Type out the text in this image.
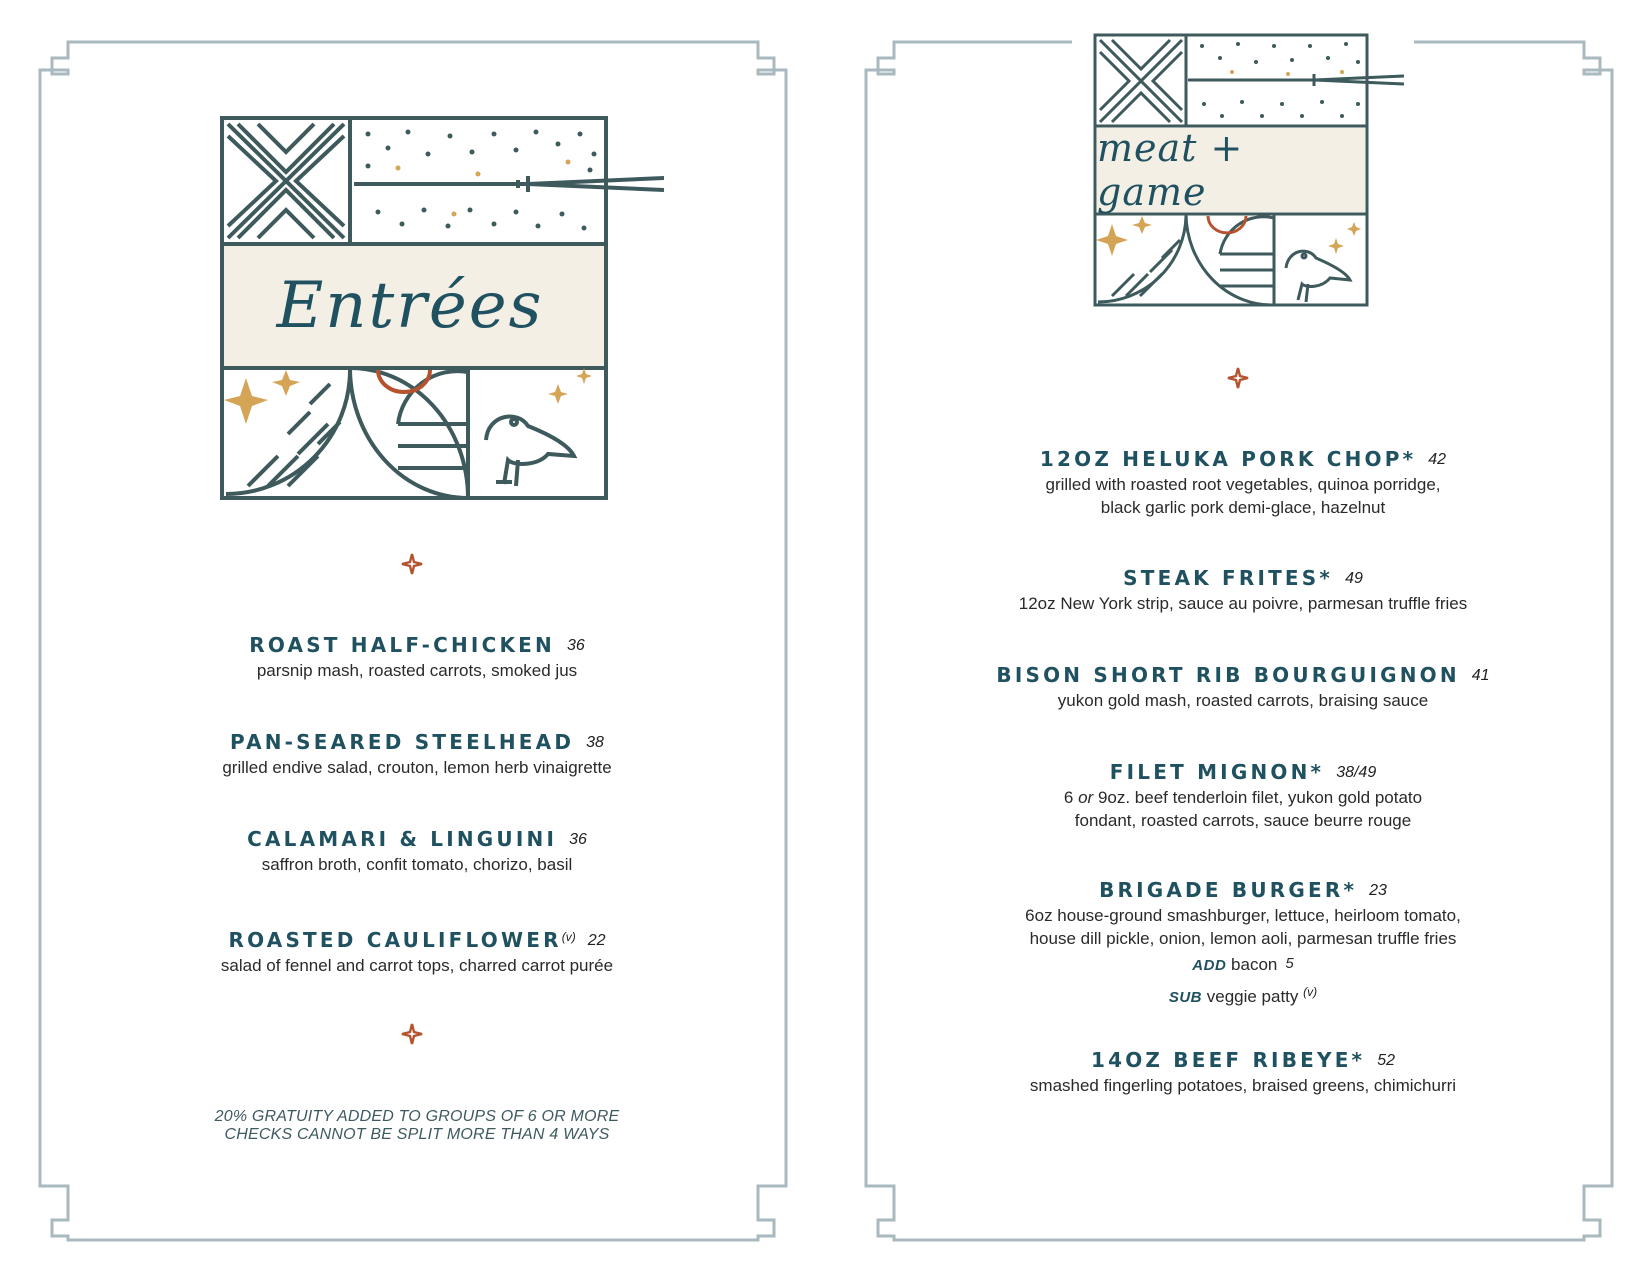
Entrées
ROAST HALF-CHICKEN 36
parsnip mash, roasted carrots, smoked jus
PAN-SEARED STEELHEAD 38
grilled endive salad, crouton, lemon herb vinaigrette
CALAMARI & LINGUINI 36
saffron broth, confit tomato, chorizo, basil
ROASTED CAULIFLOWER$^{(v)}$ 22
salad of fennel and carrot tops, charred carrot purée
20% GRATUITY ADDED TO GROUPS OF 6 OR MORE
CHECKS CANNOT BE SPLIT MORE THAN 4 WAYS
meat + game
12OZ HELUKA PORK CHOP* 42
grilled with roasted root vegetables, quinoa porridge,
black garlic pork demi-glace, hazelnut
STEAK FRITES* 49
12oz New York strip, sauce au poivre, parmesan truffle fries
BISON SHORT RIB BOURGUIGNON 41
yukon gold mash, roasted carrots, braising sauce
FILET MIGNON* 38/49
6 or 9oz. beef tenderloin filet, yukon gold potato
fondant, roasted carrots, sauce beurre rouge
BRIGADE BURGER* 23
6oz house-ground smashburger, lettuce, heirloom tomato,
house dill pickle, onion, lemon aoli, parmesan truffle fries
ADD bacon 5
SUB veggie patty $^{(v)}$
14OZ BEEF RIBEYE* 52
smashed fingerling potatoes, braised greens, chimichurri
